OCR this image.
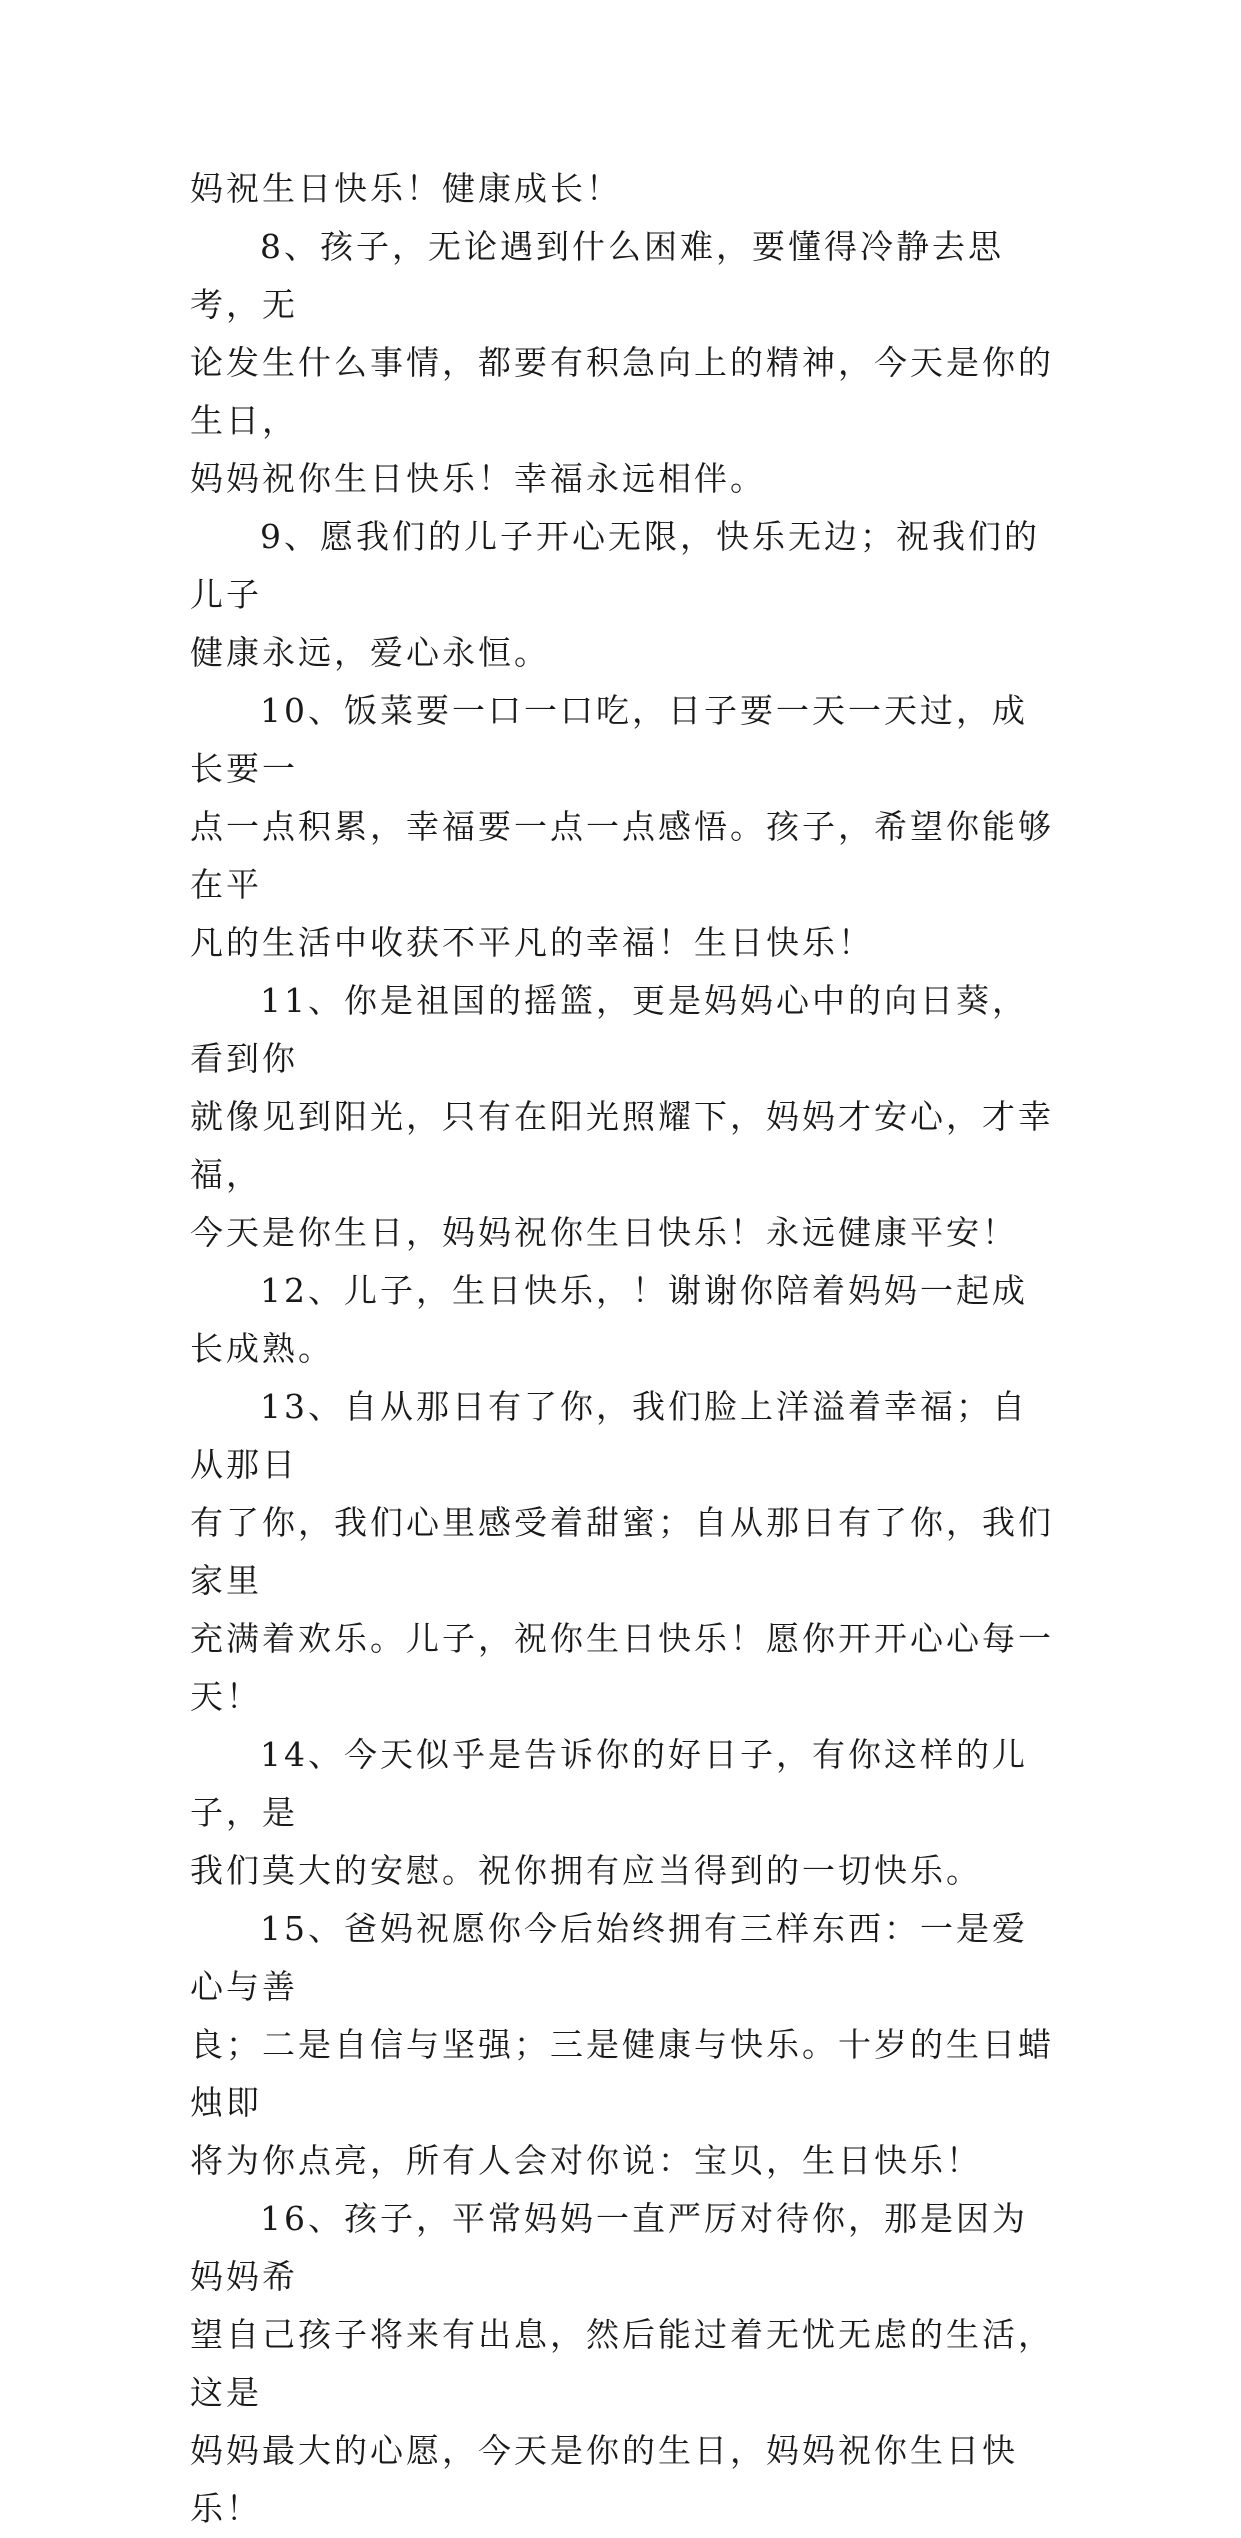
妈祝生日快乐！健康成长！

8、孩子，无论遇到什么困难，要懂得冷静去思考，无
论发生什么事情，都要有积急向上的精神，今天是你的生日，
妈妈祝你生日快乐！幸福永远相伴。

9、愿我们的儿子开心无限，快乐无边；祝我们的儿子
健康永远，爱心永恒。

10、饭菜要一口一口吃，日子要一天一天过，成长要一
点一点积累，幸福要一点一点感悟。孩子，希望你能够在平
凡的生活中收获不平凡的幸福！生日快乐！

11、你是祖国的摇篮，更是妈妈心中的向日葵，看到你
就像见到阳光，只有在阳光照耀下，妈妈才安心，才幸福，
今天是你生日，妈妈祝你生日快乐！永远健康平安！

12、儿子，生日快乐，！谢谢你陪着妈妈一起成长成熟。

13、自从那日有了你，我们脸上洋溢着幸福；自从那日
有了你，我们心里感受着甜蜜；自从那日有了你，我们家里
充满着欢乐。儿子，祝你生日快乐！愿你开开心心每一天！

14、今天似乎是告诉你的好日子，有你这样的儿子，是
我们莫大的安慰。祝你拥有应当得到的一切快乐。

15、爸妈祝愿你今后始终拥有三样东西：一是爱心与善
良；二是自信与坚强；三是健康与快乐。十岁的生日蜡烛即
将为你点亮，所有人会对你说：宝贝，生日快乐！

16、孩子，平常妈妈一直严厉对待你，那是因为妈妈希
望自己孩子将来有出息，然后能过着无忧无虑的生活，这是
妈妈最大的心愿，今天是你的生日，妈妈祝你生日快乐！
